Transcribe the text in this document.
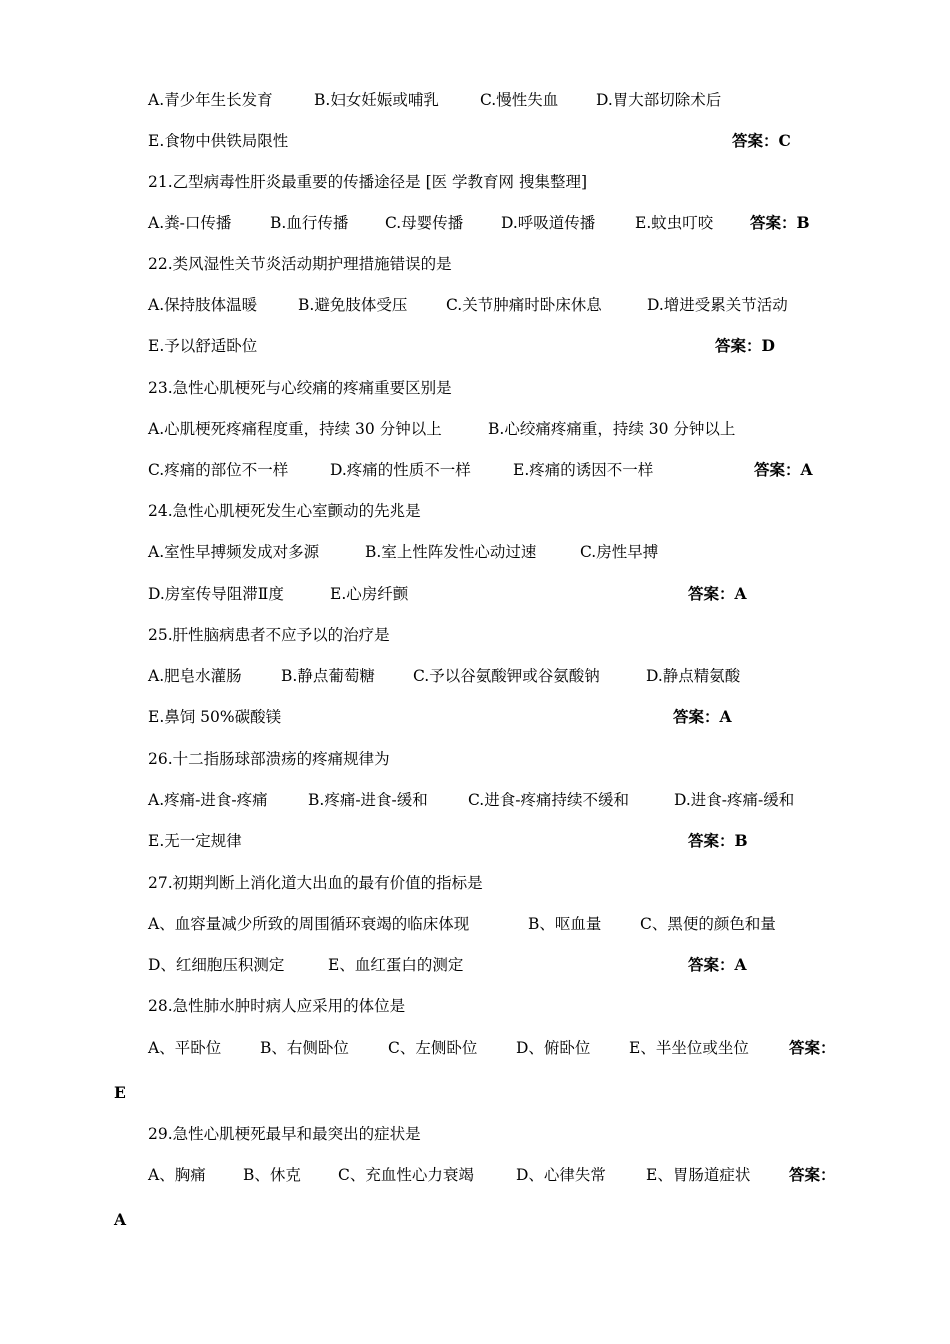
A.青少年生长发育	B.妇女妊娠或哺乳	C.慢性失血 D.胃大部切除术后
E.食物中供铁局限性	答案：C
21.乙型病毒性肝炎最重要的传播途径是 [医 学教育网 搜集整理]
A.粪-口传播 B.血行传播 C.母婴传播 D.呼吸道传播	E.蚊虫叮咬 答案：B
22.类风湿性关节炎活动期护理措施错误的是
A.保持肢体温暖	B.避免肢体受压 C.关节肿痛时卧床休息	D.增进受累关节活动
E.予以舒适卧位	答案：D
23.急性心肌梗死与心绞痛的疼痛重要区别是
A.心肌梗死疼痛程度重，持续 30 分钟以上	B.心绞痛疼痛重，持续 30 分钟以上
C.疼痛的部位不一样	D.疼痛的性质不一样	E.疼痛的诱因不一样	答案：A
24.急性心肌梗死发生心室颤动的先兆是
A.室性早搏频发成对多源	B.室上性阵发性心动过速	C.房性早搏
D.房室传导阻滞Ⅱ度	E.心房纤颤	答案：A
25.肝性脑病患者不应予以的治疗是
A.肥皂水灌肠	B.静点葡萄糖 C.予以谷氨酸钾或谷氨酸钠	D.静点精氨酸
E.鼻饲 50%碳酸镁	答案：A
26.十二指肠球部溃疡的疼痛规律为
A.疼痛-进食-疼痛	B.疼痛-进食-缓和	C.进食-疼痛持续不缓和	D.进食-疼痛-缓和
E.无一定规律	答案：B
27.初期判断上消化道大出血的最有价值的指标是
A、血容量减少所致的周围循环衰竭的临床体现	B、呕血量 C、黑便的颜色和量
D、红细胞压积测定	E、血红蛋白的测定	答案：A
28.急性肺水肿时病人应采用的体位是
A、平卧位	B、右侧卧位	C、左侧卧位 D、俯卧位 E、半坐位或坐位	答案：
E
29.急性心肌梗死最早和最突出的症状是
A、胸痛 B、休克 C、充血性心力衰竭	D、心律失常	E、胃肠道症状 答案：
A
